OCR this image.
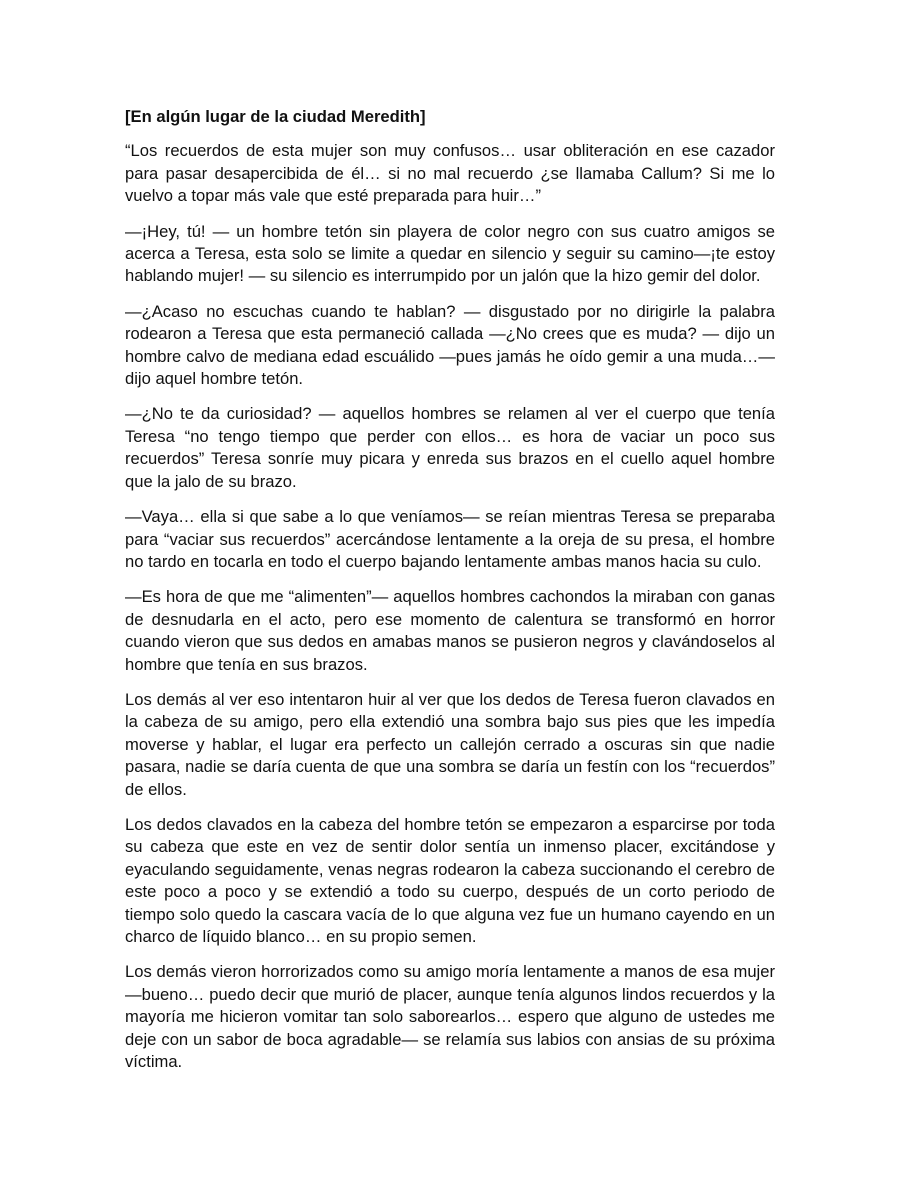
[En algún lugar de la ciudad Meredith]

“Los recuerdos de esta mujer son muy confusos… usar obliteración en ese cazador para pasar desapercibida de él… si no mal recuerdo ¿se llamaba Callum? Si me lo vuelvo a topar más vale que esté preparada para huir…”

—¡Hey, tú! — un hombre tetón sin playera de color negro con sus cuatro amigos se acerca a Teresa, esta solo se limite a quedar en silencio y seguir su camino—¡te estoy hablando mujer! — su silencio es interrumpido por un jalón que la hizo gemir del dolor.

—¿Acaso no escuchas cuando te hablan? — disgustado por no dirigirle la palabra rodearon a Teresa que esta permaneció callada —¿No crees que es muda? — dijo un hombre calvo de mediana edad escuálido —pues jamás he oído gemir a una muda…— dijo aquel hombre tetón.

—¿No te da curiosidad? — aquellos hombres se relamen al ver el cuerpo que tenía Teresa “no tengo tiempo que perder con ellos… es hora de vaciar un poco sus recuerdos” Teresa sonríe muy picara y enreda sus brazos en el cuello aquel hombre que la jalo de su brazo.

—Vaya… ella si que sabe a lo que veníamos— se reían mientras Teresa se preparaba para “vaciar sus recuerdos” acercándose lentamente a la oreja de su presa, el hombre no tardo en tocarla en todo el cuerpo bajando lentamente ambas manos hacia su culo.

—Es hora de que me “alimenten”— aquellos hombres cachondos la miraban con ganas de desnudarla en el acto, pero ese momento de calentura se transformó en horror cuando vieron que sus dedos en amabas manos se pusieron negros y clavándoselos al hombre que tenía en sus brazos.

Los demás al ver eso intentaron huir al ver que los dedos de Teresa fueron clavados en la cabeza de su amigo, pero ella extendió una sombra bajo sus pies que les impedía moverse y hablar, el lugar era perfecto un callejón cerrado a oscuras sin que nadie pasara, nadie se daría cuenta de que una sombra se daría un festín con los “recuerdos” de ellos.

Los dedos clavados en la cabeza del hombre tetón se empezaron a esparcirse por toda su cabeza que este en vez de sentir dolor sentía un inmenso placer, excitándose y eyaculando seguidamente, venas negras rodearon la cabeza succionando el cerebro de este poco a poco y se extendió a todo su cuerpo, después de un corto periodo de tiempo solo quedo la cascara vacía de lo que alguna vez fue un humano cayendo en un charco de líquido blanco… en su propio semen.

Los demás vieron horrorizados como su amigo moría lentamente a manos de esa mujer —bueno… puedo decir que murió de placer, aunque tenía algunos lindos recuerdos y la mayoría me hicieron vomitar tan solo saborearlos… espero que alguno de ustedes me deje con un sabor de boca agradable— se relamía sus labios con ansias de su próxima víctima.
